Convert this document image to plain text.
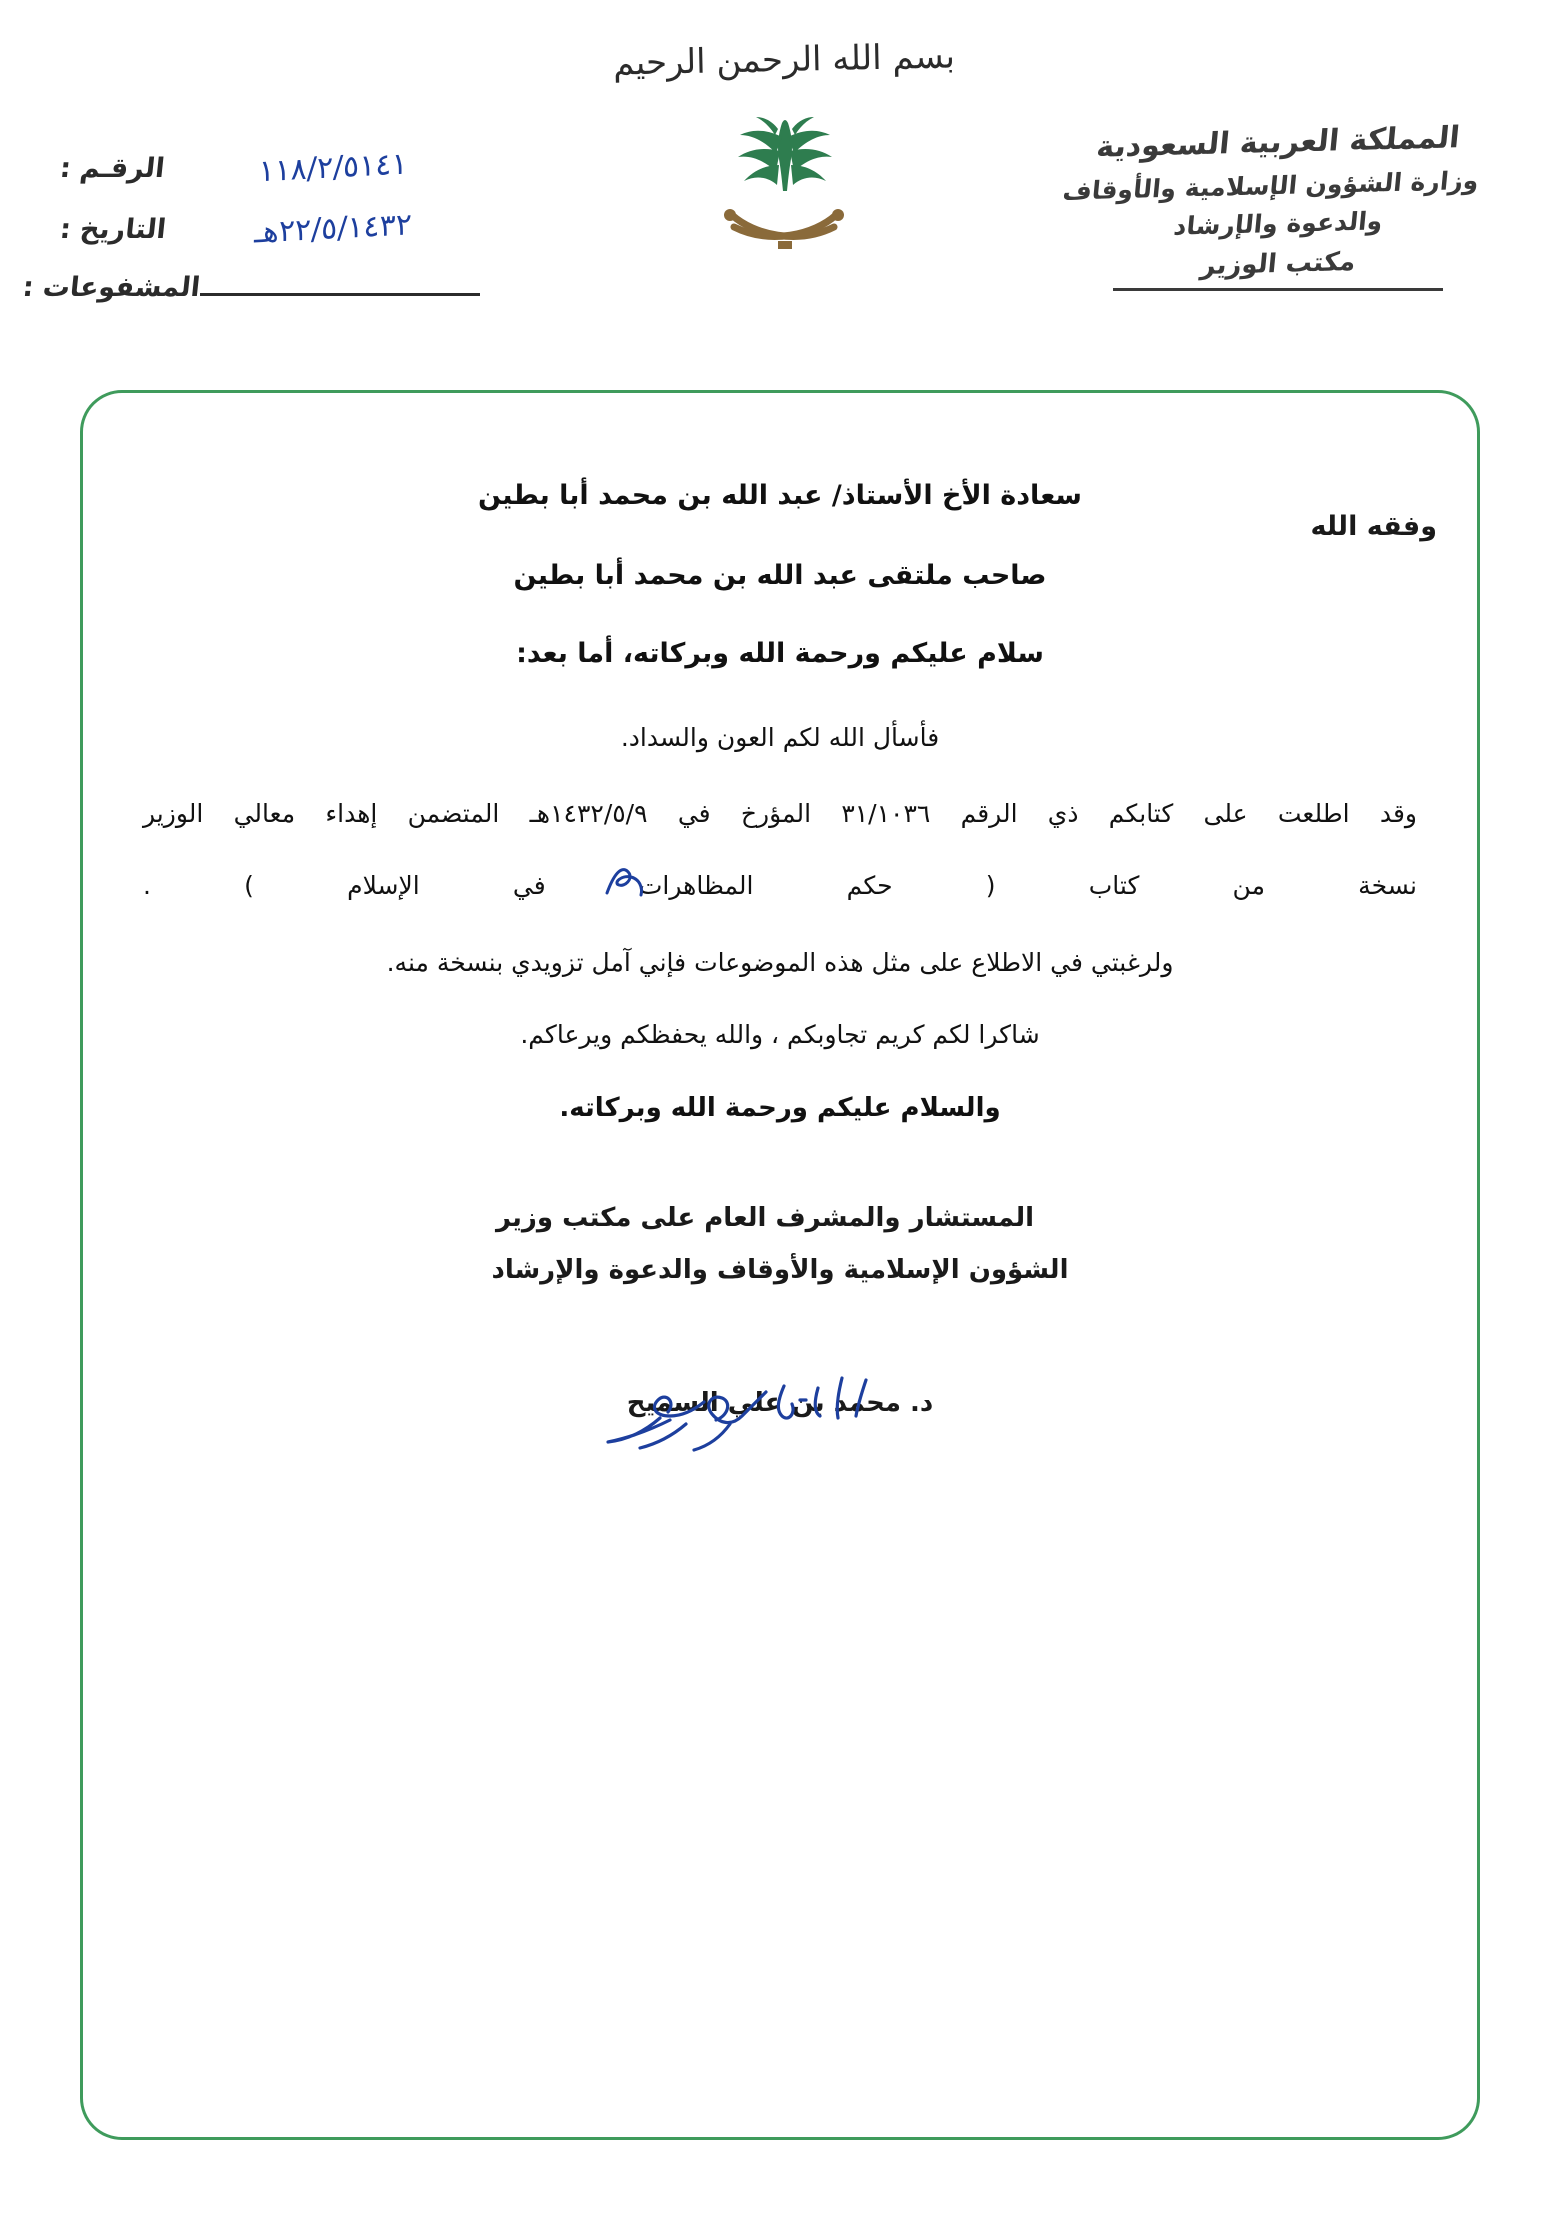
بسم الله الرحمن الرحيم
المملكة العربية السعودية
وزارة الشؤون الإسلامية والأوقاف
والدعوة والإرشاد
مكتب الوزير
١١٨/٢/٥١٤١
الرقـم :
٢٢/٥/١٤٣٢هـ
التاريخ :
المشفوعات :
وفقه الله
سعادة الأخ الأستاذ/ عبد الله بن محمد أبا بطين
صاحب ملتقى عبد الله بن محمد أبا بطين
سلام عليكم ورحمة الله وبركاته، أما بعد:
فأسأل الله لكم العون والسداد.
وقد اطلعت على كتابكم ذي الرقم ٣١/١٠٣٦ المؤرخ في ١٤٣٢/٥/٩هـ المتضمن إهداء معالي الوزير
نسخة من كتاب ( حكم المظاهرات في الإسلام ) .
ولرغبتي في الاطلاع على مثل هذه الموضوعات فإني آمل تزويدي بنسخة منه.
شاكرا لكم كريم تجاوبكم ، والله يحفظكم ويرعاكم.
والسلام عليكم ورحمة الله وبركاته.
المستشار والمشرف العام على مكتب وزير
الشؤون الإسلامية والأوقاف والدعوة والإرشاد
د. محمد بن علي السميح
